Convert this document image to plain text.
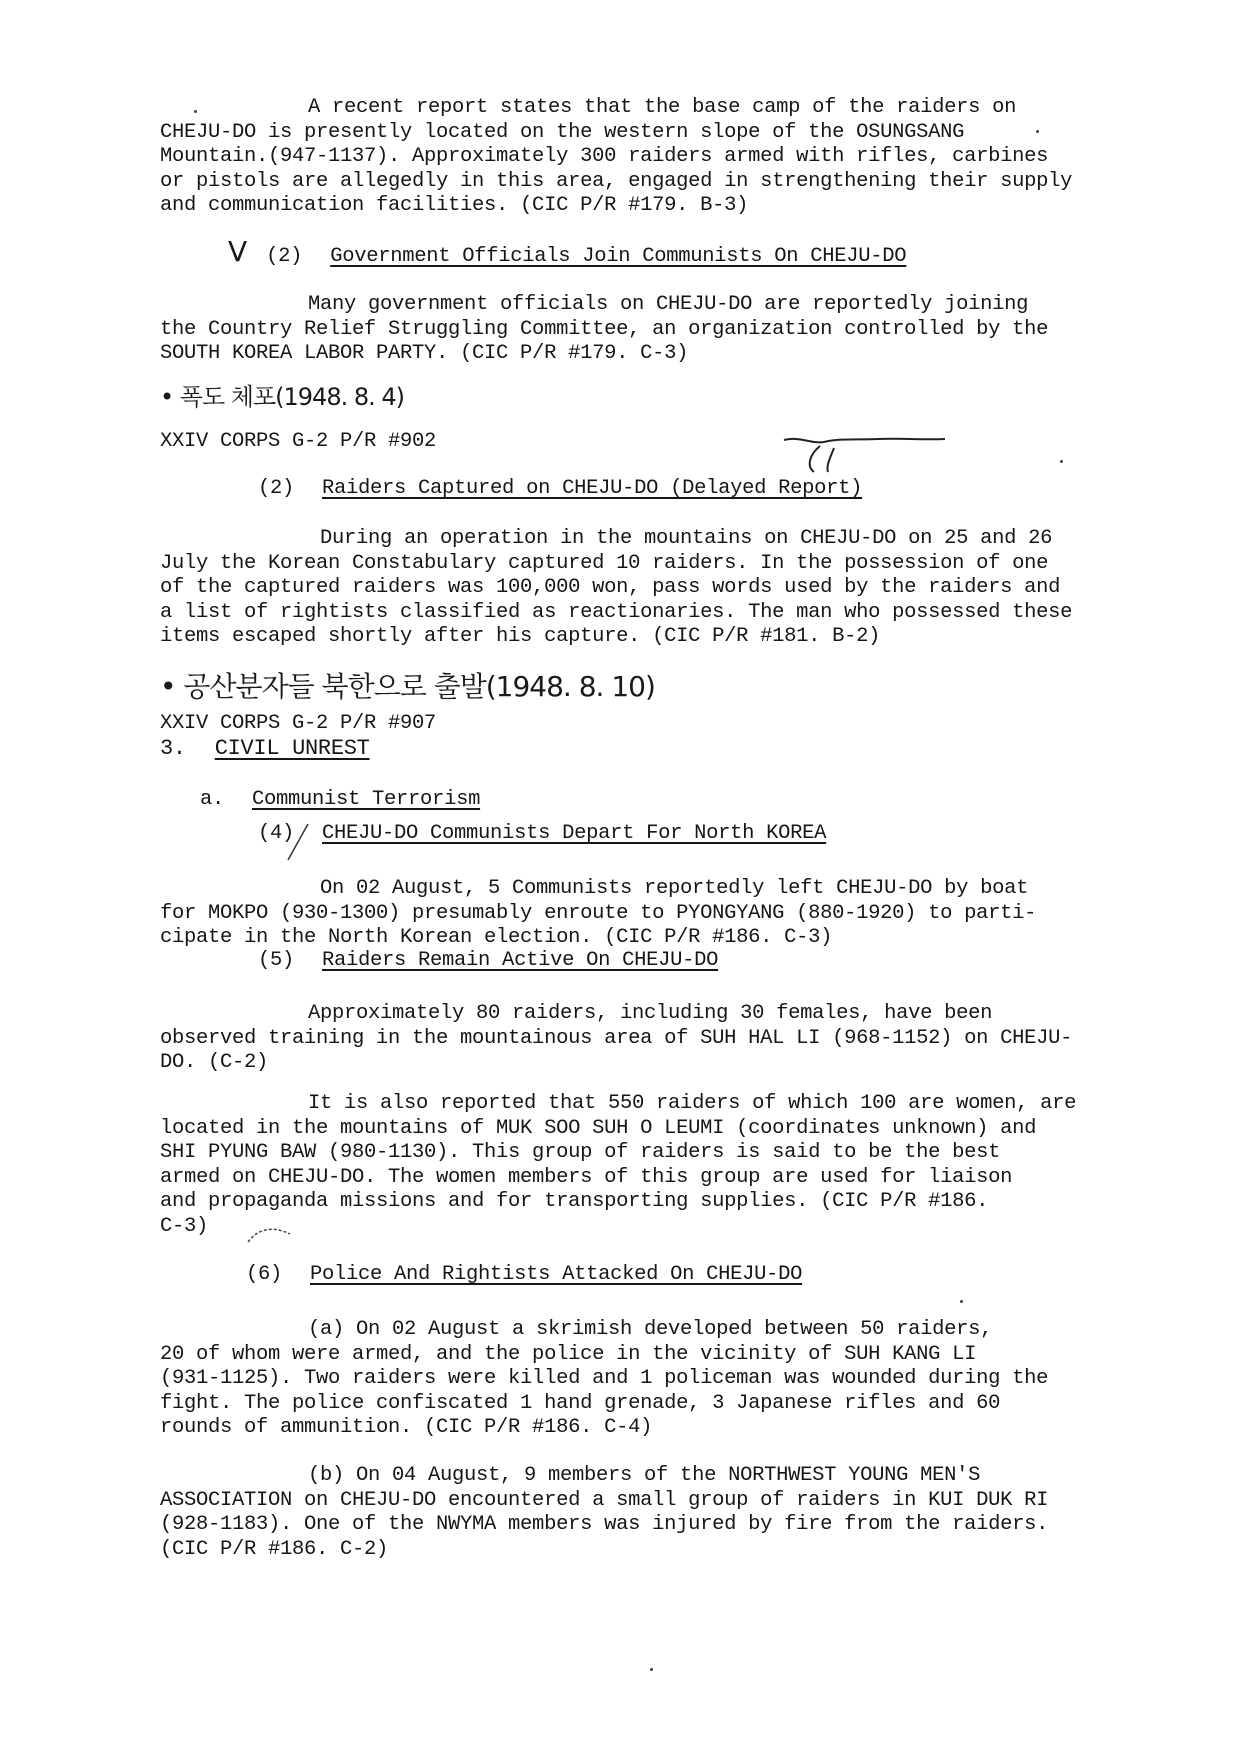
A recent report states that the base camp of the raiders on
CHEJU-DO is presently located on the western slope of the OSUNGSANG
Mountain.(947-1137). Approximately 300 raiders armed with rifles, carbines
or pistols are allegedly in this area, engaged in strengthening their supply
and communication facilities. (CIC P/R #179. B-3)
V (2) Government Officials Join Communists On CHEJU-DO
Many government officials on CHEJU-DO are reportedly joining
the Country Relief Struggling Committee, an organization controlled by the
SOUTH KOREA LABOR PARTY. (CIC P/R #179. C-3)
• 폭도 체포(1948. 8. 4)
XXIV CORPS G-2 P/R #902
(2) Raiders Captured on CHEJU-DO (Delayed Report)
During an operation in the mountains on CHEJU-DO on 25 and 26
July the Korean Constabulary captured 10 raiders. In the possession of one
of the captured raiders was 100,000 won, pass words used by the raiders and
a list of rightists classified as reactionaries. The man who possessed these
items escaped shortly after his capture. (CIC P/R #181. B-2)
• 공산분자들 북한으로 출발(1948. 8. 10)
XXIV CORPS G-2 P/R #907
3. CIVIL UNREST
a. Communist Terrorism
(4) CHEJU-DO Communists Depart For North KOREA
On 02 August, 5 Communists reportedly left CHEJU-DO by boat
for MOKPO (930-1300) presumably enroute to PYONGYANG (880-1920) to parti-
cipate in the North Korean election. (CIC P/R #186. C-3)
(5) Raiders Remain Active On CHEJU-DO
Approximately 80 raiders, including 30 females, have been
observed training in the mountainous area of SUH HAL LI (968-1152) on CHEJU-
DO. (C-2)
It is also reported that 550 raiders of which 100 are women, are
located in the mountains of MUK SOO SUH O LEUMI (coordinates unknown) and
SHI PYUNG BAW (980-1130). This group of raiders is said to be the best
armed on CHEJU-DO. The women members of this group are used for liaison
and propaganda missions and for transporting supplies. (CIC P/R #186.
C-3)
(6) Police And Rightists Attacked On CHEJU-DO
(a) On 02 August a skrimish developed between 50 raiders,
20 of whom were armed, and the police in the vicinity of SUH KANG LI
(931-1125). Two raiders were killed and 1 policeman was wounded during the
fight. The police confiscated 1 hand grenade, 3 Japanese rifles and 60
rounds of ammunition. (CIC P/R #186. C-4)
(b) On 04 August, 9 members of the NORTHWEST YOUNG MEN'S
ASSOCIATION on CHEJU-DO encountered a small group of raiders in KUI DUK RI
(928-1183). One of the NWYMA members was injured by fire from the raiders.
(CIC P/R #186. C-2)
